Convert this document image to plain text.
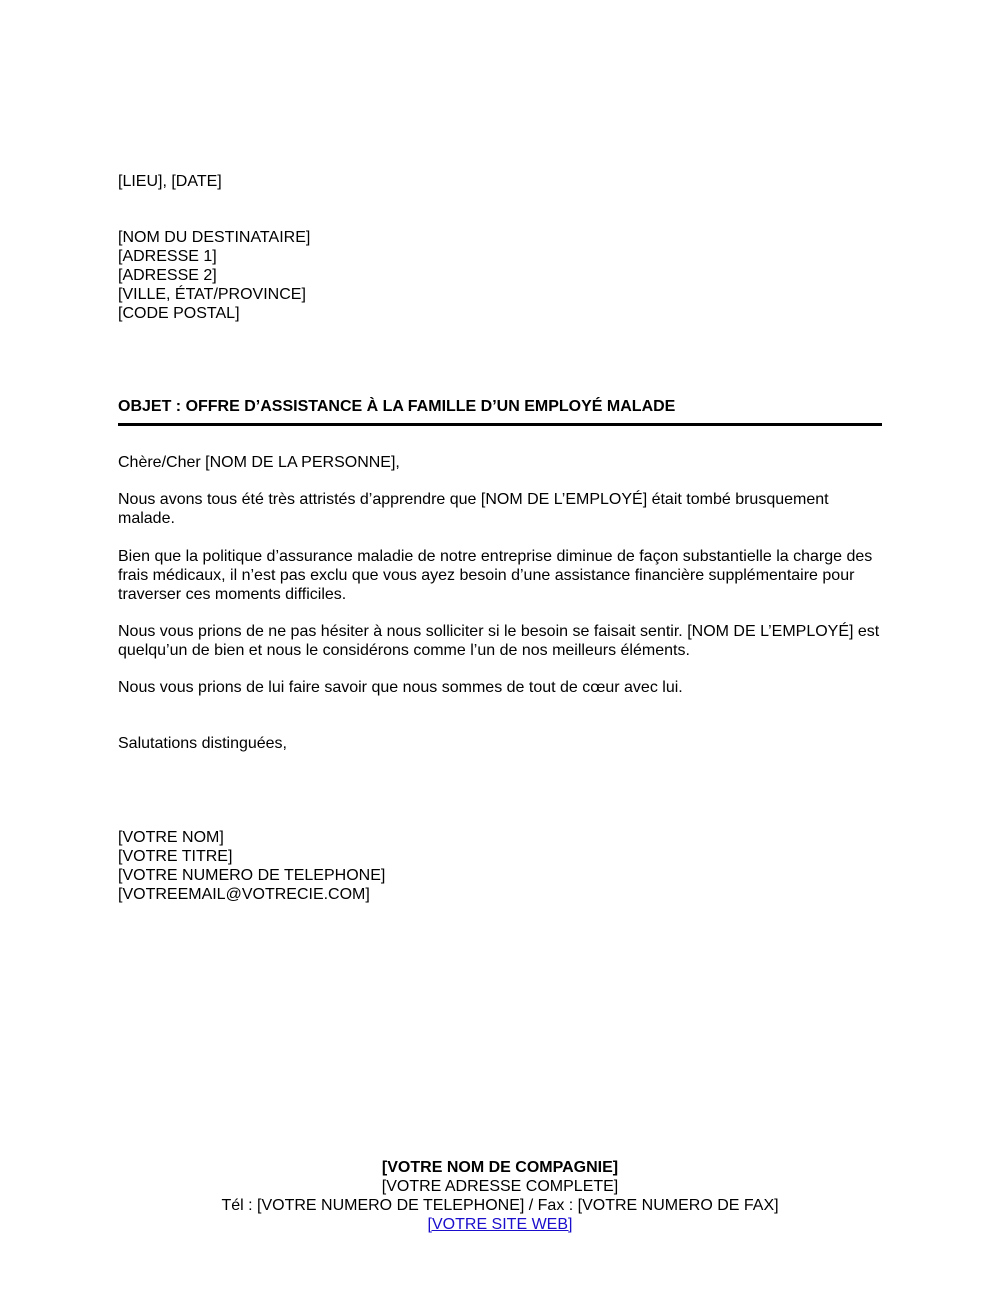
[LIEU], [DATE]
[NOM DU DESTINATAIRE]
[ADRESSE 1]
[ADRESSE 2]
[VILLE, ÉTAT/PROVINCE]
[CODE POSTAL]
OBJET : OFFRE D’ASSISTANCE À LA FAMILLE D’UN EMPLOYÉ MALADE
Chère/Cher [NOM DE LA PERSONNE],
Nous avons tous été très attristés d’apprendre que [NOM DE L’EMPLOYÉ] était tombé brusquement malade.
Bien que la politique d’assurance maladie de notre entreprise diminue de façon substantielle la charge des frais médicaux, il n’est pas exclu que vous ayez besoin d’une assistance financière supplémentaire pour traverser ces moments difficiles.
Nous vous prions de ne pas hésiter à nous solliciter si le besoin se faisait sentir. [NOM DE L’EMPLOYÉ] est quelqu’un de bien et nous le considérons comme l’un de nos meilleurs éléments.
Nous vous prions de lui faire savoir que nous sommes de tout de cœur avec lui.
Salutations distinguées,
[VOTRE NOM]
[VOTRE TITRE]
[VOTRE NUMERO DE TELEPHONE]
[VOTREEMAIL@VOTRECIE.COM]
[VOTRE NOM DE COMPAGNIE]
[VOTRE ADRESSE COMPLETE]
Tél : [VOTRE NUMERO DE TELEPHONE] / Fax : [VOTRE NUMERO DE FAX]
[VOTRE SITE WEB]
